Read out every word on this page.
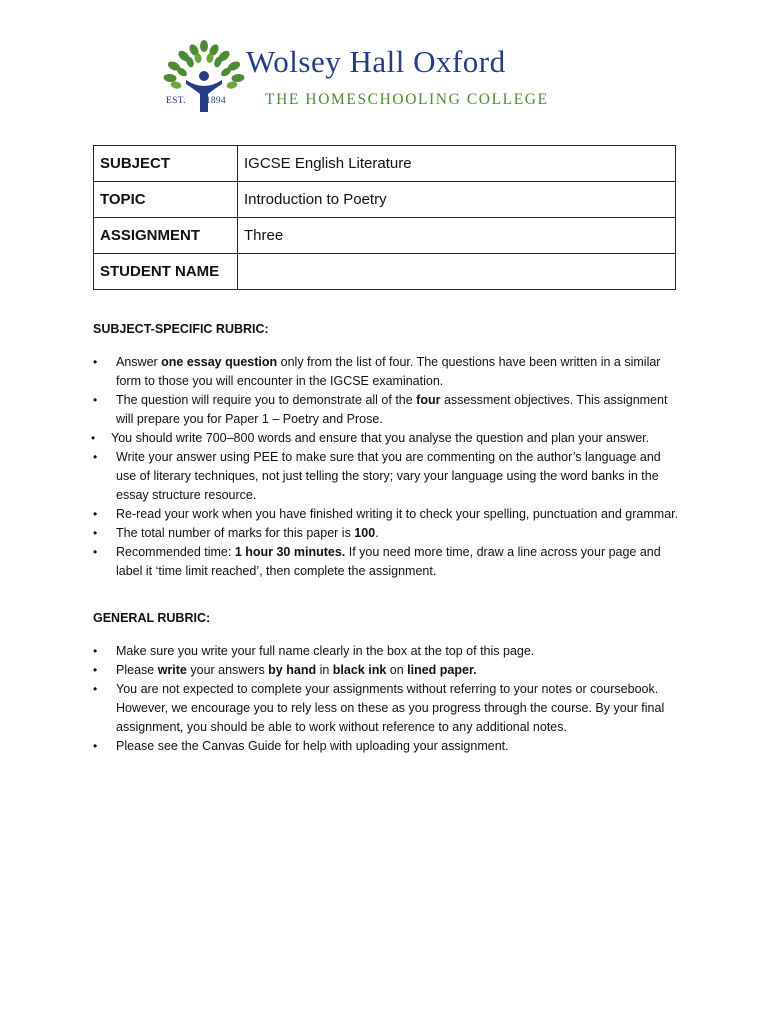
Wolsey Hall Oxford
THE HOMESCHOOLING COLLEGE
EST. 1894
SUBJECT	IGCSE English Literature
TOPIC	Introduction to Poetry
ASSIGNMENT	Three
STUDENT NAME	
SUBJECT-SPECIFIC RUBRIC:
• Answer one essay question only from the list of four. The questions have been written in a similar form to those you will encounter in the IGCSE examination.
• The question will require you to demonstrate all of the four assessment objectives. This assignment will prepare you for Paper 1 – Poetry and Prose.
• You should write 700–800 words and ensure that you analyse the question and plan your answer.
• Write your answer using PEE to make sure that you are commenting on the author’s language and use of literary techniques, not just telling the story; vary your language using the word banks in the essay structure resource.
• Re-read your work when you have finished writing it to check your spelling, punctuation and grammar.
• The total number of marks for this paper is 100.
• Recommended time: 1 hour 30 minutes. If you need more time, draw a line across your page and label it ‘time limit reached’, then complete the assignment.
GENERAL RUBRIC:
• Make sure you write your full name clearly in the box at the top of this page.
• Please write your answers by hand in black ink on lined paper.
• You are not expected to complete your assignments without referring to your notes or coursebook. However, we encourage you to rely less on these as you progress through the course. By your final assignment, you should be able to work without reference to any additional notes.
• Please see the Canvas Guide for help with uploading your assignment.
